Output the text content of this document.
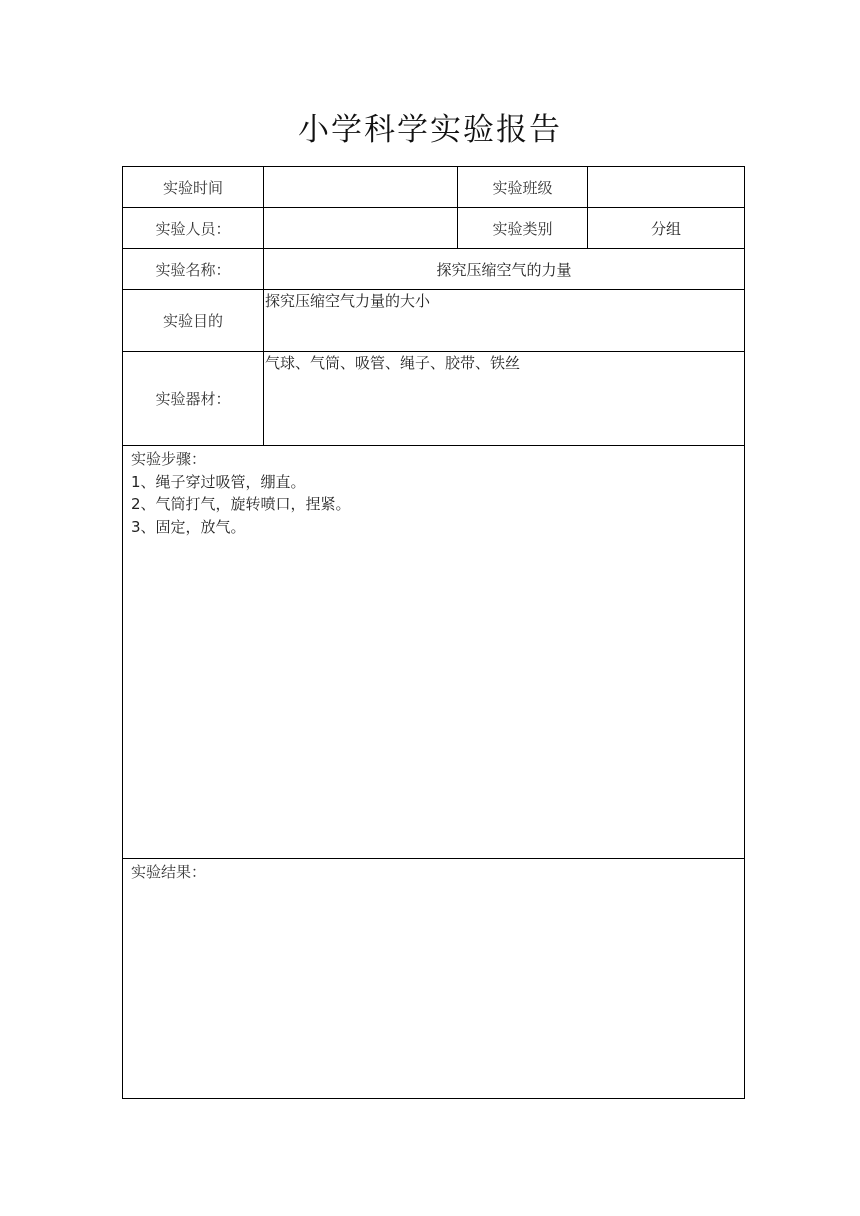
小学科学实验报告
实验时间		实验班级	
实验人员：		实验类别	分组
实验名称：	探究压缩空气的力量		
实验目的	探究压缩空气力量的大小		

实验器材：	气球、气筒、吸管、绳子、胶带、铁丝		

实验步骤：
1、绳子穿过吸管，绷直。
2、气筒打气，旋转喷口，捏紧。
3、固定，放气。			

实验结果：			
